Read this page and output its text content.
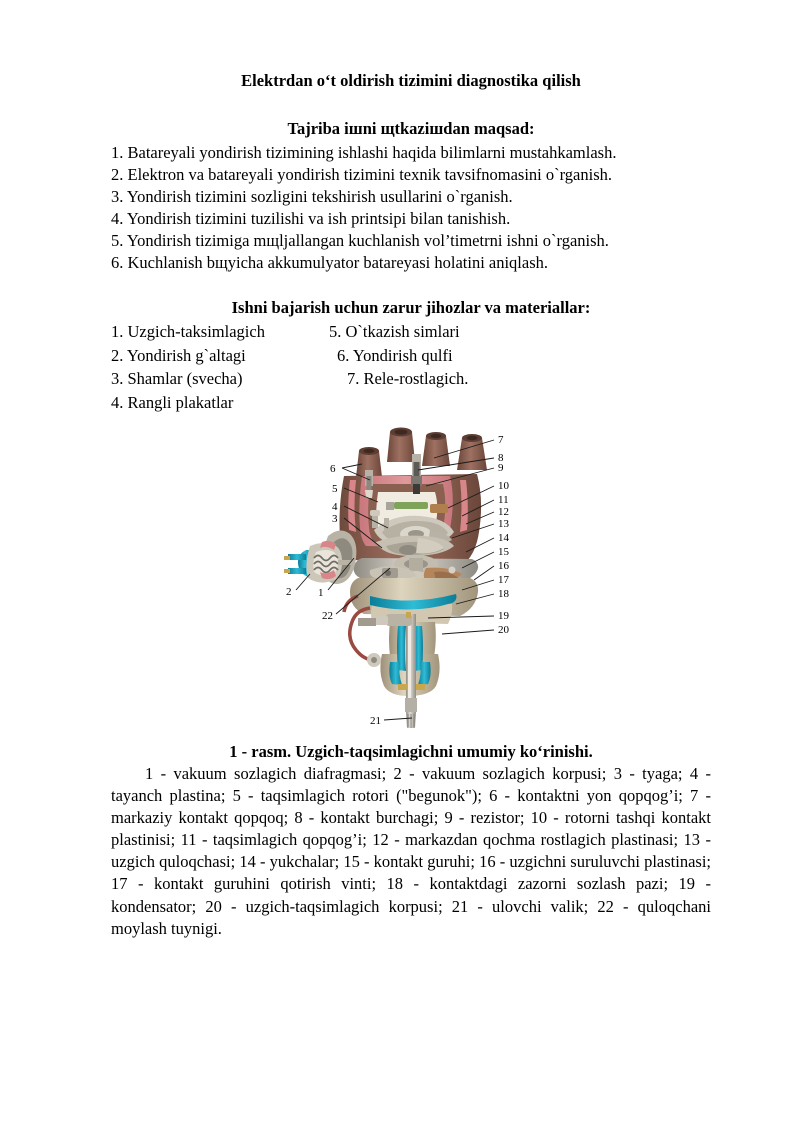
Elektrdan o‘t oldirish tizimini diagnostika qilish
Tajriba iшni щtkaziшdan maqsad:

1. Batareyali yondirish tizimining ishlashi haqida bilimlarni mustahkamlash.

2. Elektron va batareyali yondirish tizimini texnik tavsifnomasini o`rganish.

3. Yondirish tizimini sozligini tekshirish usullarini o`rganish.

4. Yondirish tizimini tuzilishi va ish printsipi bilan tanishish.

5. Yondirish tizimiga mщljallangan kuchlanish vol’timetrni ishni o`rganish.

6. Kuchlanish bщyicha akkumulyator batareyasi holatini aniqlash.

Ishni bajarish uchun zarur jihozlar va materiallar:
1. Uzgich-taksimlagich	5. O`tkazish simlari
2. Yondirish g`altagi	6. Yondirish qulfi
3. Shamlar (svecha)	7. Rele-rostlagich.
4. Rangli plakatlar
7
8
9
10
11
12
13
14
15
16
17
18
19
20
6
5
4
3
2 1
22
21
1 - rasm. Uzgich-taqsimlagichni umumiy ko‘rinishi.

1 - vakuum sozlagich diafragmasi; 2 - vakuum sozlagich korpusi; 3 - tyaga; 4 - tayanch plastina; 5 - taqsimlagich rotori ("begunok"); 6 - kontaktni yon qopqog’i; 7 - markaziy kontakt qopqoq; 8 - kontakt burchagi; 9 - rezistor; 10 - rotorni tashqi kontakt plastinisi; 11 - taqsimlagich qopqog’i; 12 - markazdan qochma rostlagich plastinasi; 13 - uzgich quloqchasi; 14 - yukchalar; 15 - kontakt guruhi; 16 - uzgichni suruluvchi plastinasi; 17 - kontakt guruhini qotirish vinti; 18 - kontaktdagi zazorni sozlash pazi; 19 - kondensator; 20 - uzgich-taqsimlagich korpusi; 21 - ulovchi valik; 22 - quloqchani moylash tuynigi.
